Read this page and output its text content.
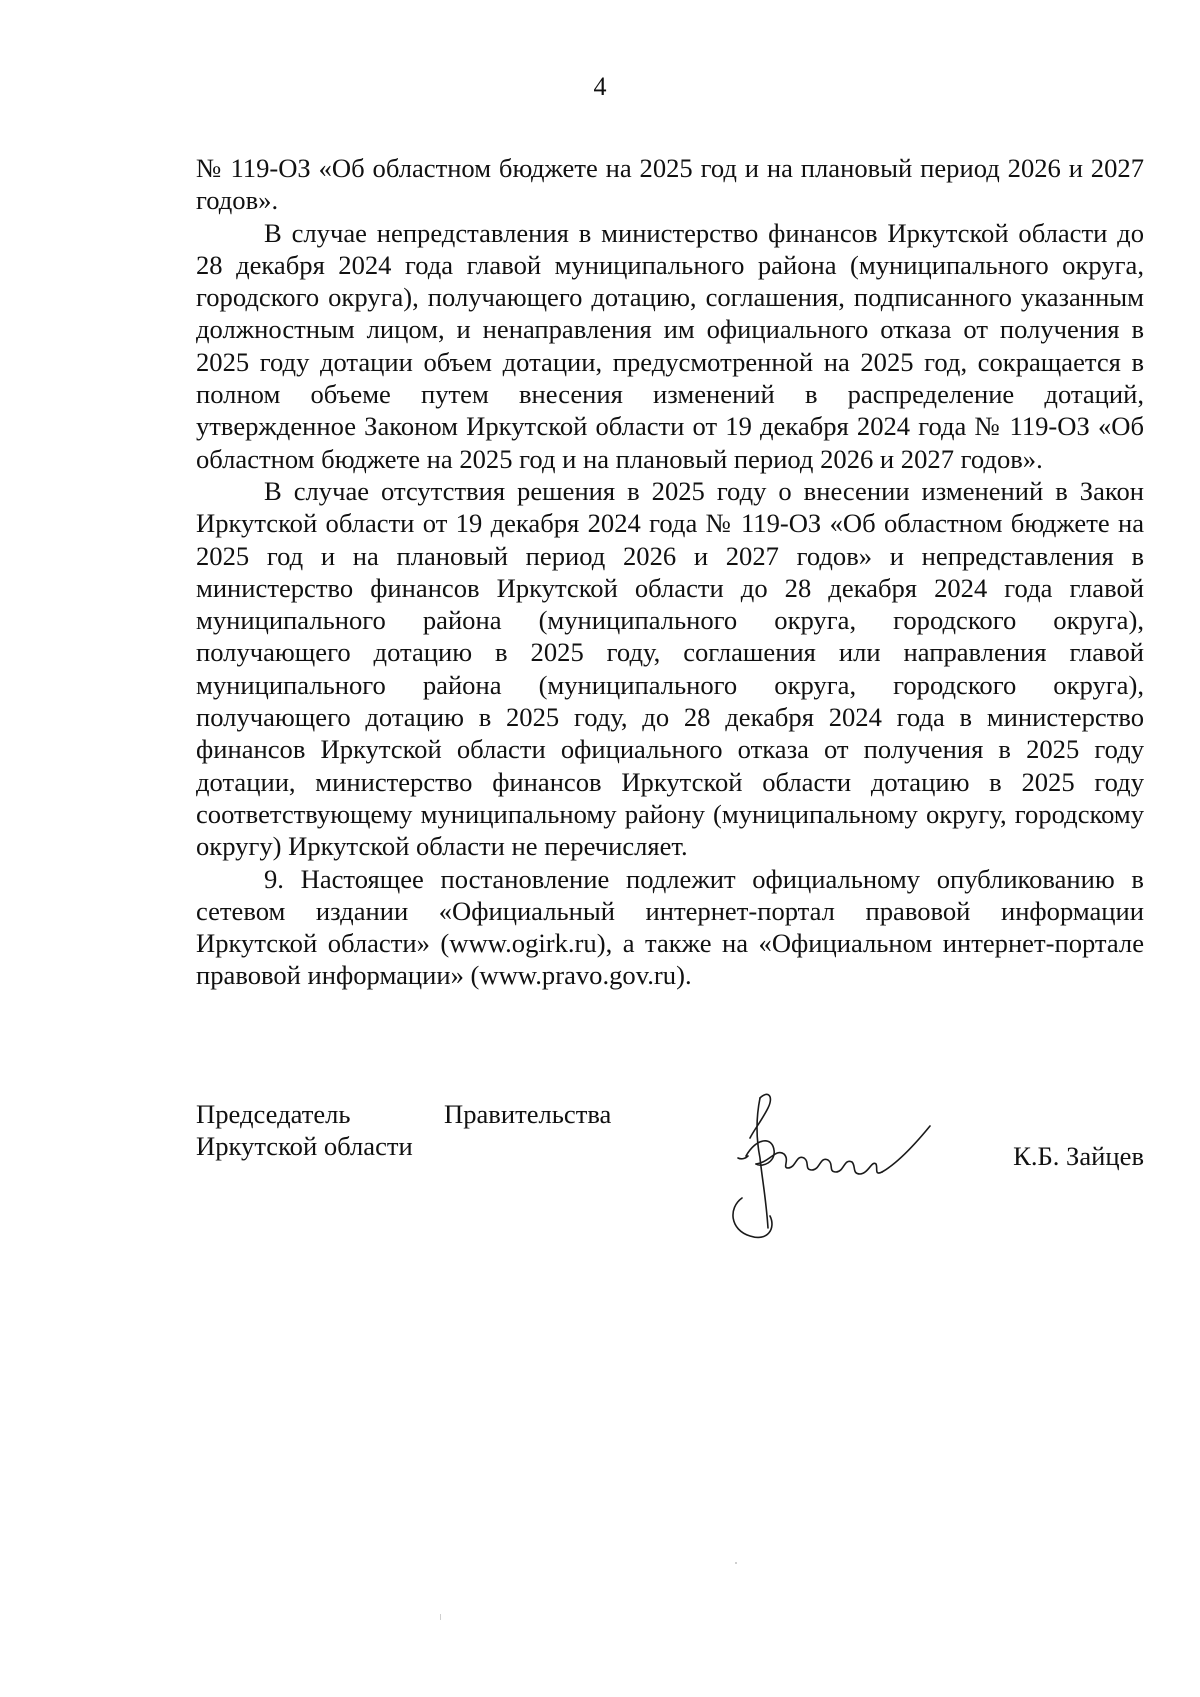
4

№ 119-ОЗ «Об областном бюджете на 2025 год и на плановый период 2026 и 2027 годов».

В случае непредставления в министерство финансов Иркутской области до 28 декабря 2024 года главой муниципального района (муниципального округа, городского округа), получающего дотацию, соглашения, подписанного указанным должностным лицом, и ненаправления им официального отказа от получения в 2025 году дотации объем дотации, предусмотренной на 2025 год, сокращается в полном объеме путем внесения изменений в распределение дотаций, утвержденное Законом Иркутской области от 19 декабря 2024 года № 119-ОЗ «Об областном бюджете на 2025 год и на плановый период 2026 и 2027 годов».

В случае отсутствия решения в 2025 году о внесении изменений в Закон Иркутской области от 19 декабря 2024 года № 119-ОЗ «Об областном бюджете на 2025 год и на плановый период 2026 и 2027 годов» и непредставления в министерство финансов Иркутской области до 28 декабря 2024 года главой муниципального района (муниципального округа, городского округа), получающего дотацию в 2025 году, соглашения или направления главой муниципального района (муниципального округа, городского округа), получающего дотацию в 2025 году, до 28 декабря 2024 года в министерство финансов Иркутской области официального отказа от получения в 2025 году дотации, министерство финансов Иркутской области дотацию в 2025 году соответствующему муниципальному району (муниципальному округу, городскому округу) Иркутской области не перечисляет.

9. Настоящее постановление подлежит официальному опубликованию в сетевом издании «Официальный интернет-портал правовой информации Иркутской области» (www.ogirk.ru), а также на «Официальном интернет-портале правовой информации» (www.pravo.gov.ru).

Председатель	Правительства
Иркутской области	К.Б. Зайцев
